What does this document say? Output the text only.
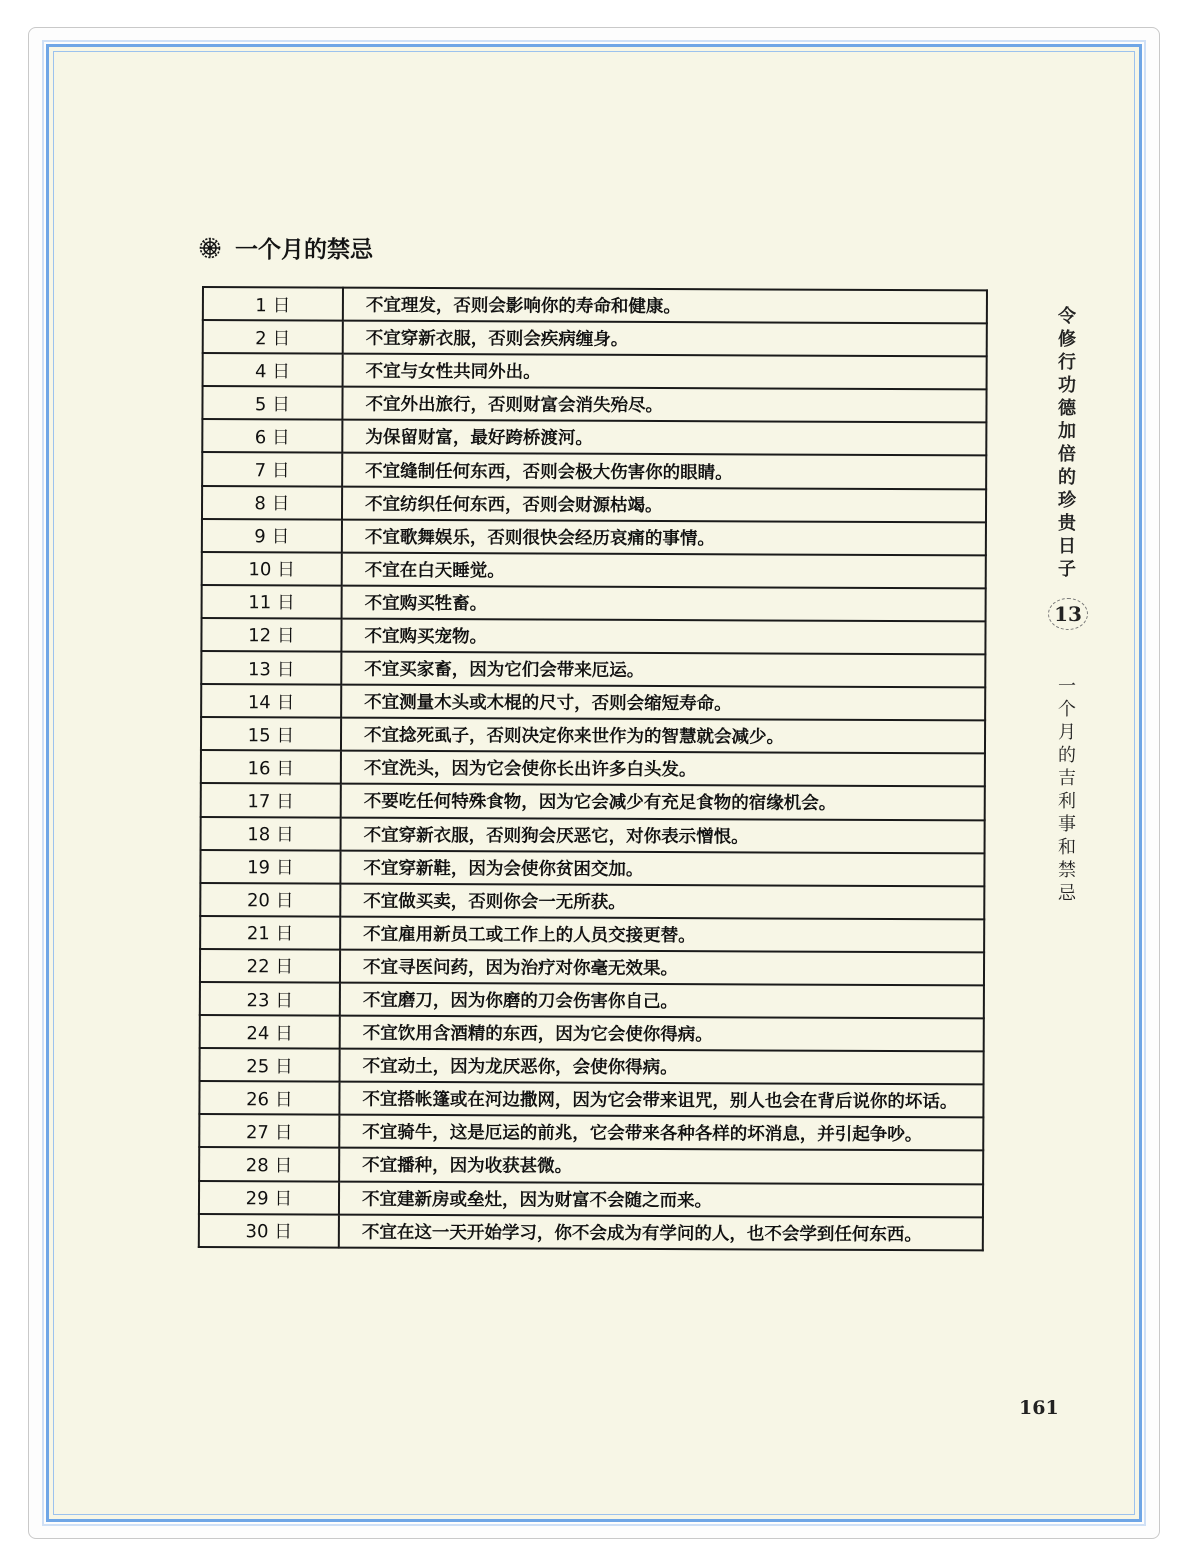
一个月的禁忌
1 日	不宜理发，否则会影响你的寿命和健康。
2 日	不宜穿新衣服，否则会疾病缠身。
4 日	不宜与女性共同外出。
5 日	不宜外出旅行，否则财富会消失殆尽。
6 日	为保留财富，最好跨桥渡河。
7 日	不宜缝制任何东西，否则会极大伤害你的眼睛。
8 日	不宜纺织任何东西，否则会财源枯竭。
9 日	不宜歌舞娱乐，否则很快会经历哀痛的事情。
10 日	不宜在白天睡觉。
11 日	不宜购买牲畜。
12 日	不宜购买宠物。
13 日	不宜买家畜，因为它们会带来厄运。
14 日	不宜测量木头或木棍的尺寸，否则会缩短寿命。
15 日	不宜捻死虱子，否则决定你来世作为的智慧就会减少。
16 日	不宜洗头，因为它会使你长出许多白头发。
17 日	不要吃任何特殊食物，因为它会减少有充足食物的宿缘机会。
18 日	不宜穿新衣服，否则狗会厌恶它，对你表示憎恨。
19 日	不宜穿新鞋，因为会使你贫困交加。
20 日	不宜做买卖，否则你会一无所获。
21 日	不宜雇用新员工或工作上的人员交接更替。
22 日	不宜寻医问药，因为治疗对你毫无效果。
23 日	不宜磨刀，因为你磨的刀会伤害你自己。
24 日	不宜饮用含酒精的东西，因为它会使你得病。
25 日	不宜动土，因为龙厌恶你，会使你得病。
26 日	不宜搭帐篷或在河边撒网，因为它会带来诅咒，别人也会在背后说你的坏话。
27 日	不宜骑牛，这是厄运的前兆，它会带来各种各样的坏消息，并引起争吵。
28 日	不宜播种，因为收获甚微。
29 日	不宜建新房或垒灶，因为财富不会随之而来。
30 日	不宜在这一天开始学习，你不会成为有学问的人，也不会学到任何东西。
令
修
行
功
德
加
倍
的
珍
贵
日
子
13
一
个
月
的
吉
利
事
和
禁
忌
161
